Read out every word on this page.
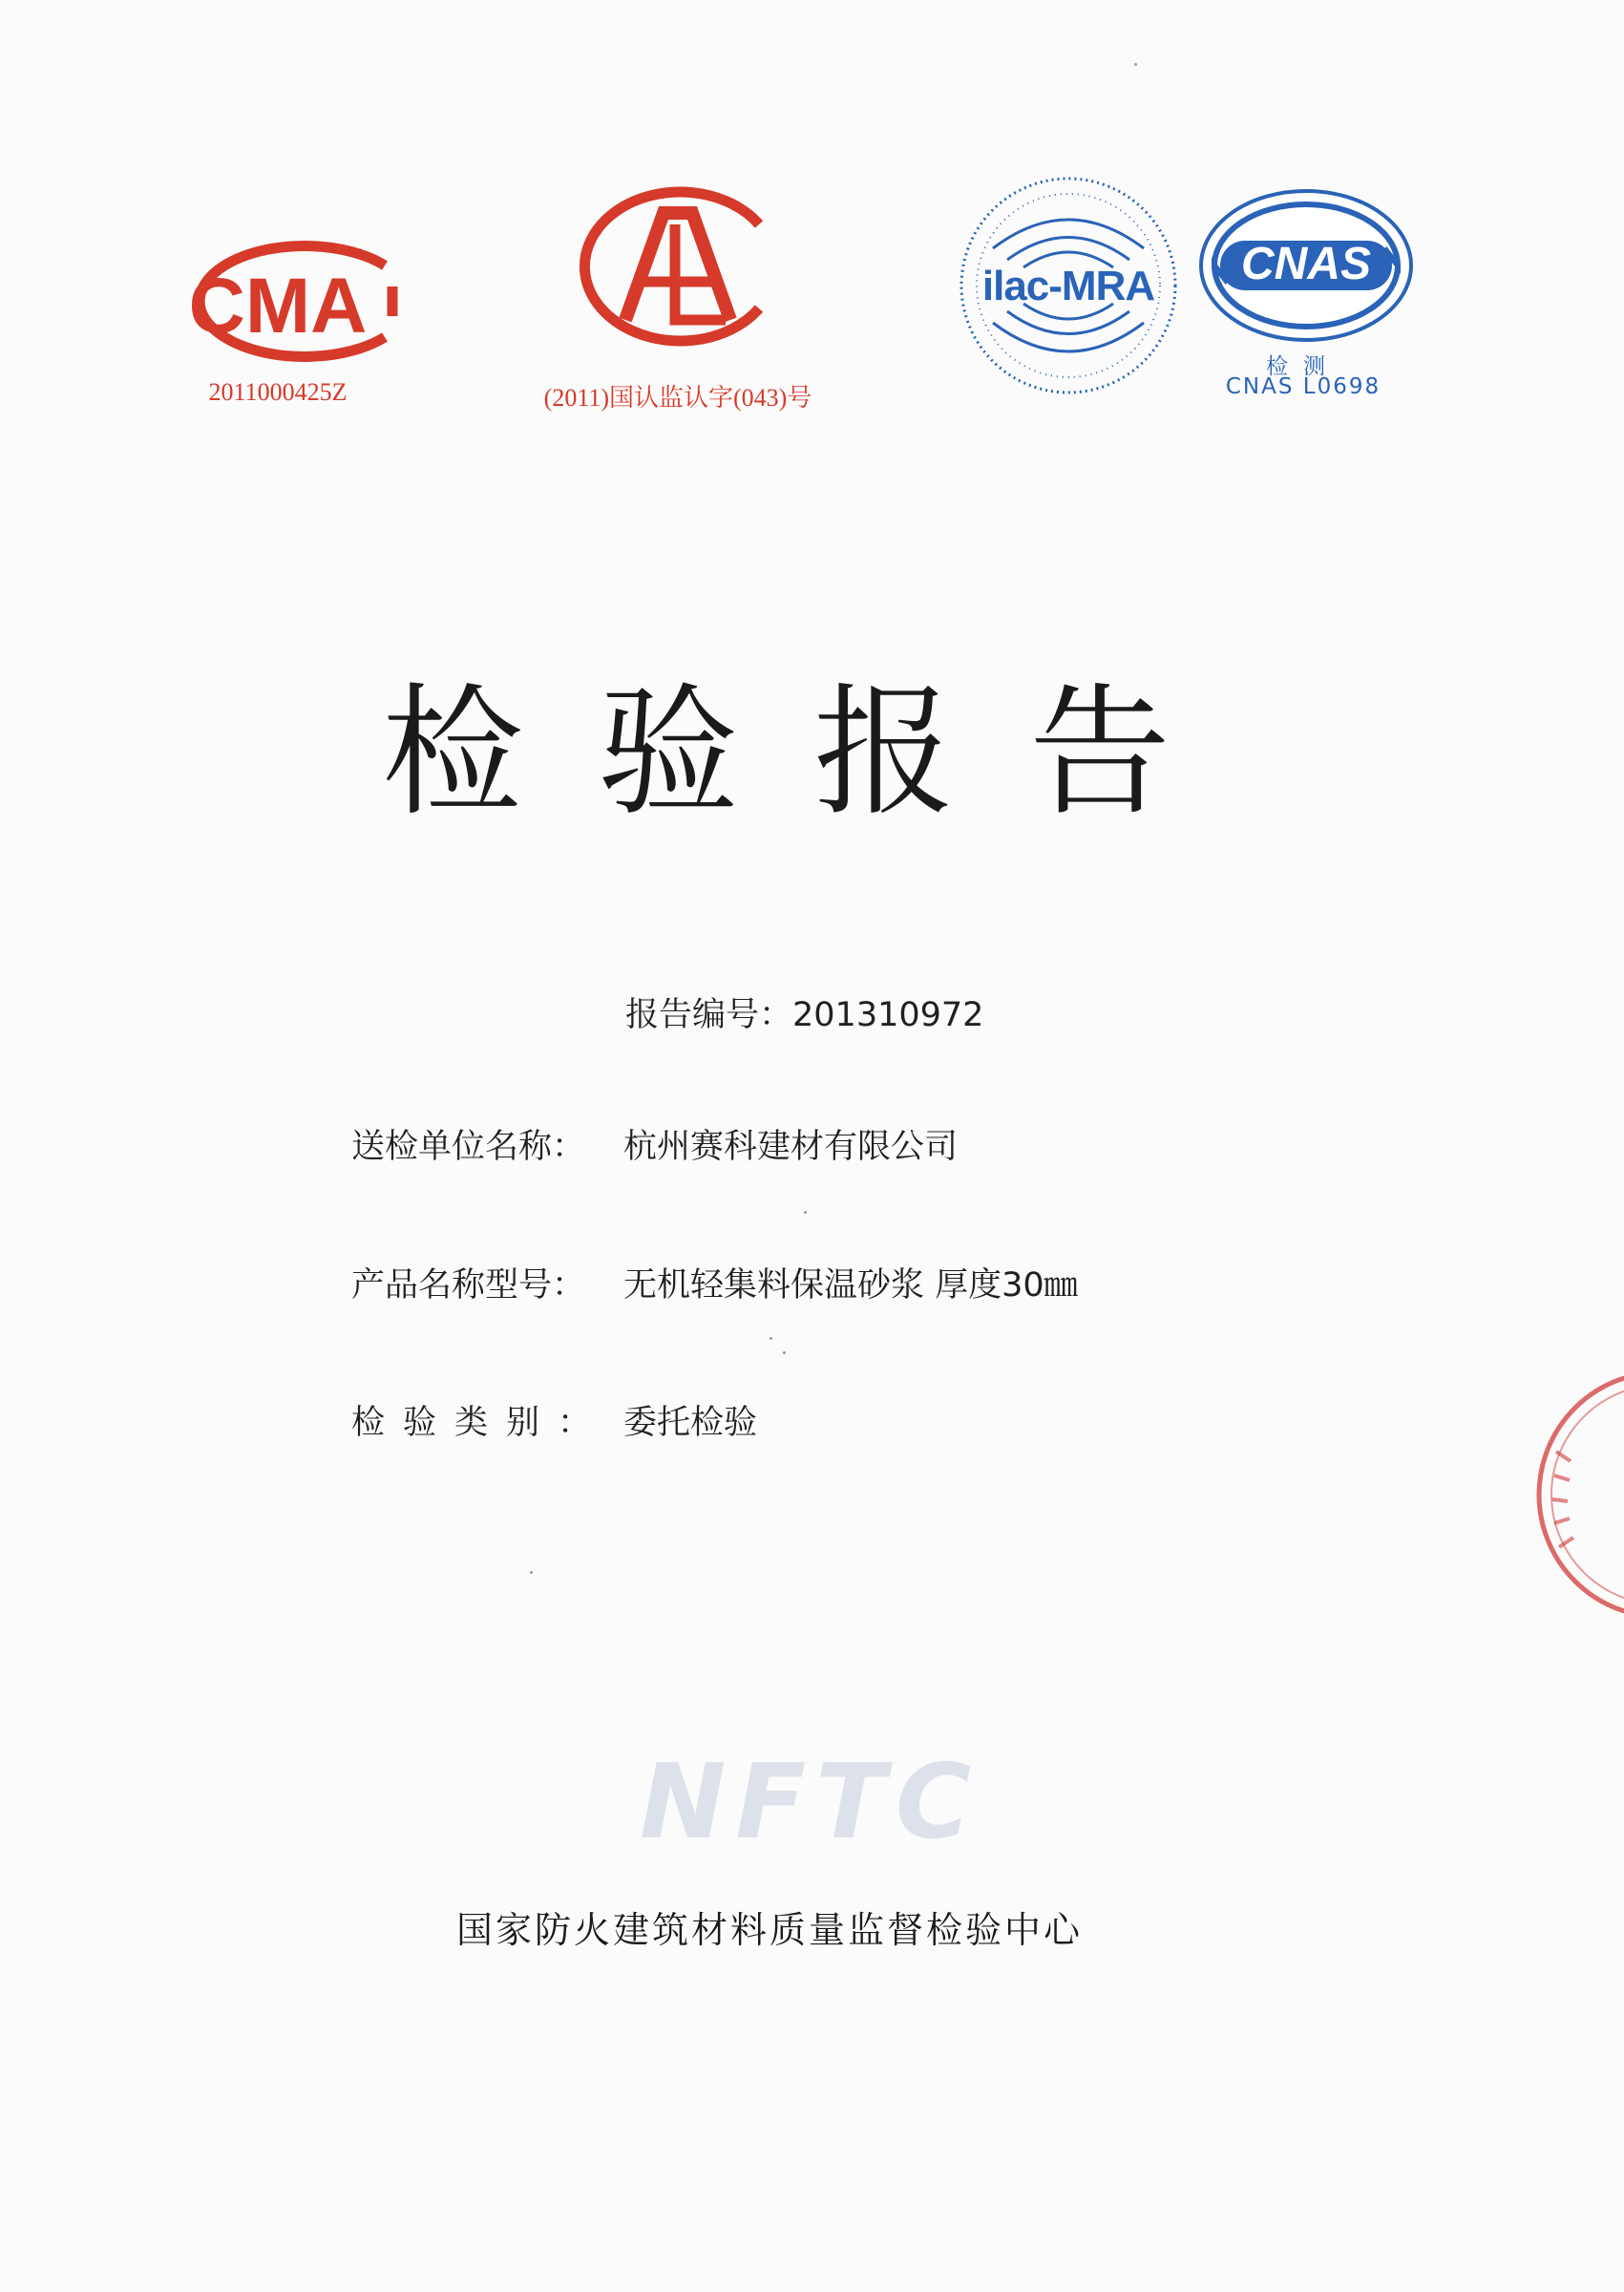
CMA
2011000425Z	(2011)国认监认字(043)号
ilac-MRA CNAS
检测
CNAS L0698
检验报告
报告编号：201310972
送检单位名称： 杭州赛科建材有限公司
产品名称型号： 无机轻集料保温砂浆 厚度30㎜
检验类别： 委托检验
NFTC
国家防火建筑材料质量监督检验中心
